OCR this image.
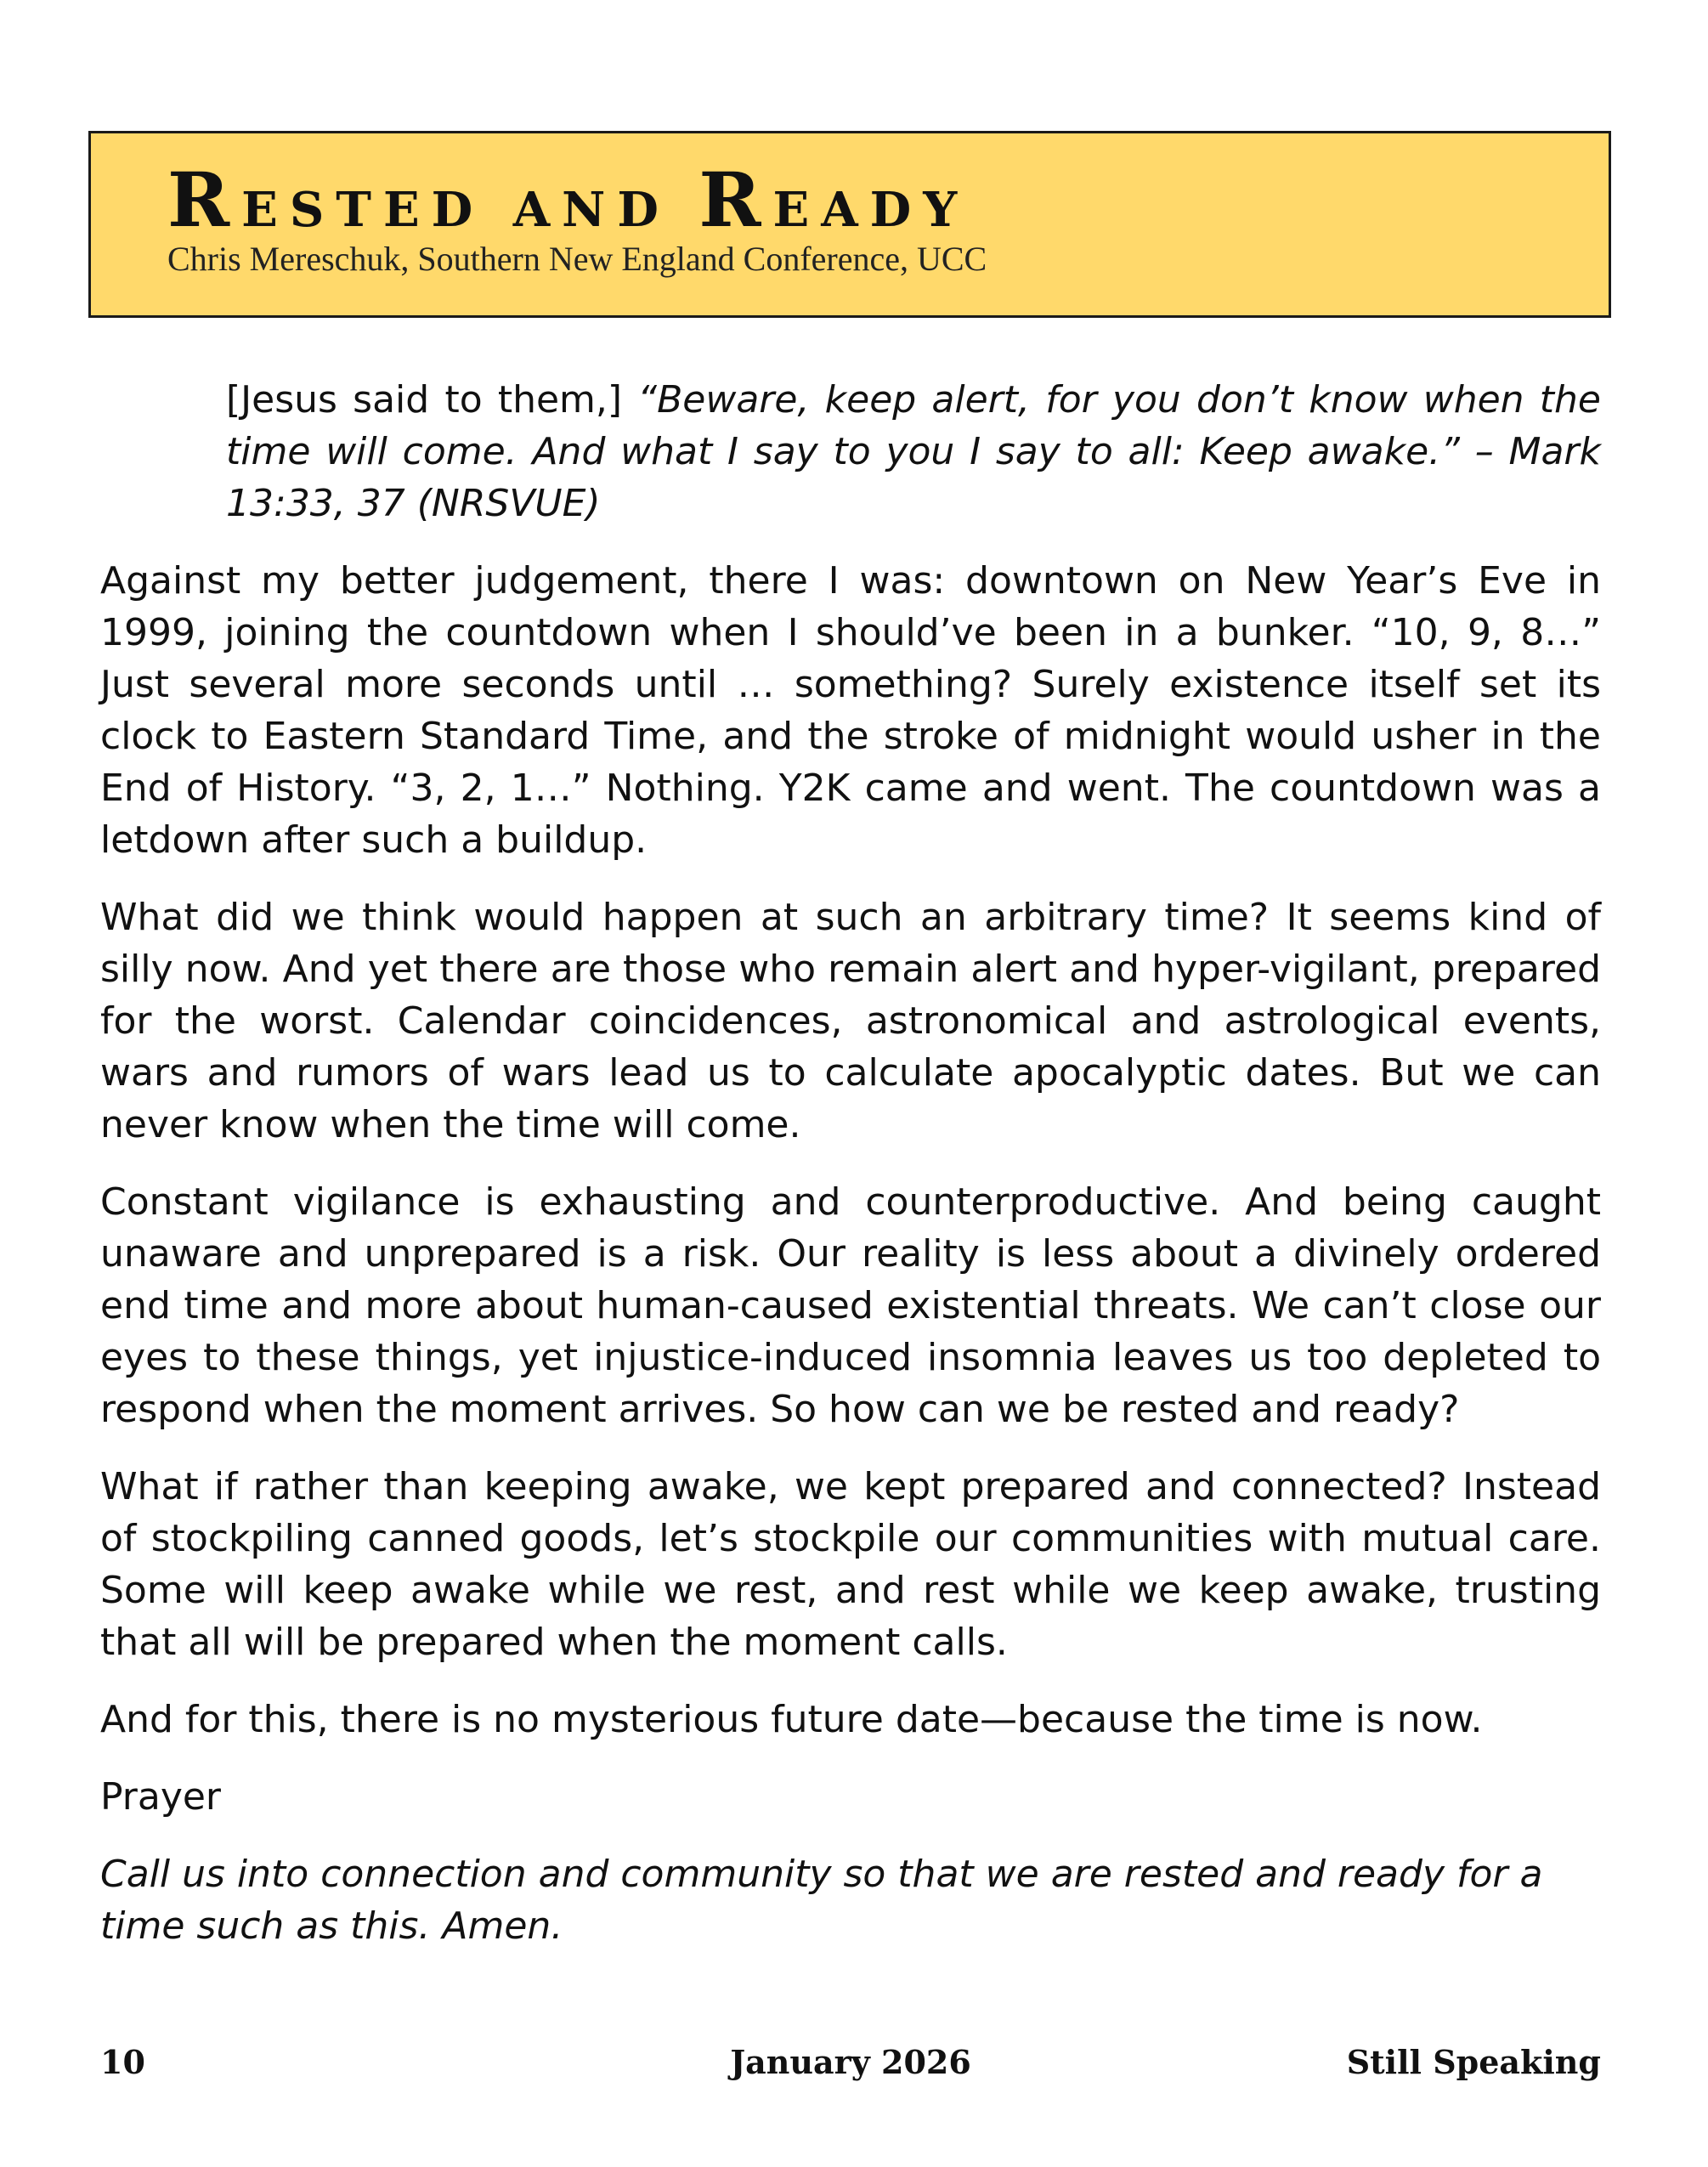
RESTED AND READY
Chris Mereschuk, Southern New England Conference, UCC

[Jesus said to them,] “Beware, keep alert, for you don’t know when the time will come. And what I say to you I say to all: Keep awake.” – Mark 13:33, 37 (NRSVUE)

Against my better judgement, there I was: downtown on New Year’s Eve in 1999, joining the countdown when I should’ve been in a bunker. “10, 9, 8…” Just several more seconds until … something? Surely existence itself set its clock to Eastern Standard Time, and the stroke of midnight would usher in the End of History. “3, 2, 1…” Nothing. Y2K came and went. The countdown was a letdown after such a buildup.

What did we think would happen at such an arbitrary time? It seems kind of silly now. And yet there are those who remain alert and hyper-vigilant, prepared for the worst. Calendar coincidences, astronomical and astrological events, wars and rumors of wars lead us to calculate apocalyptic dates. But we can never know when the time will come.

Constant vigilance is exhausting and counterproductive. And being caught unaware and unprepared is a risk. Our reality is less about a divinely ordered end time and more about human-caused existential threats. We can’t close our eyes to these things, yet injustice-induced insomnia leaves us too depleted to respond when the moment arrives. So how can we be rested and ready?

What if rather than keeping awake, we kept prepared and connected? Instead of stockpiling canned goods, let’s stockpile our communities with mutual care. Some will keep awake while we rest, and rest while we keep awake, trusting that all will be prepared when the moment calls.

And for this, there is no mysterious future date—because the time is now.

Prayer

Call us into connection and community so that we are rested and ready for a time such as this. Amen.

10	January 2026	Still Speaking
